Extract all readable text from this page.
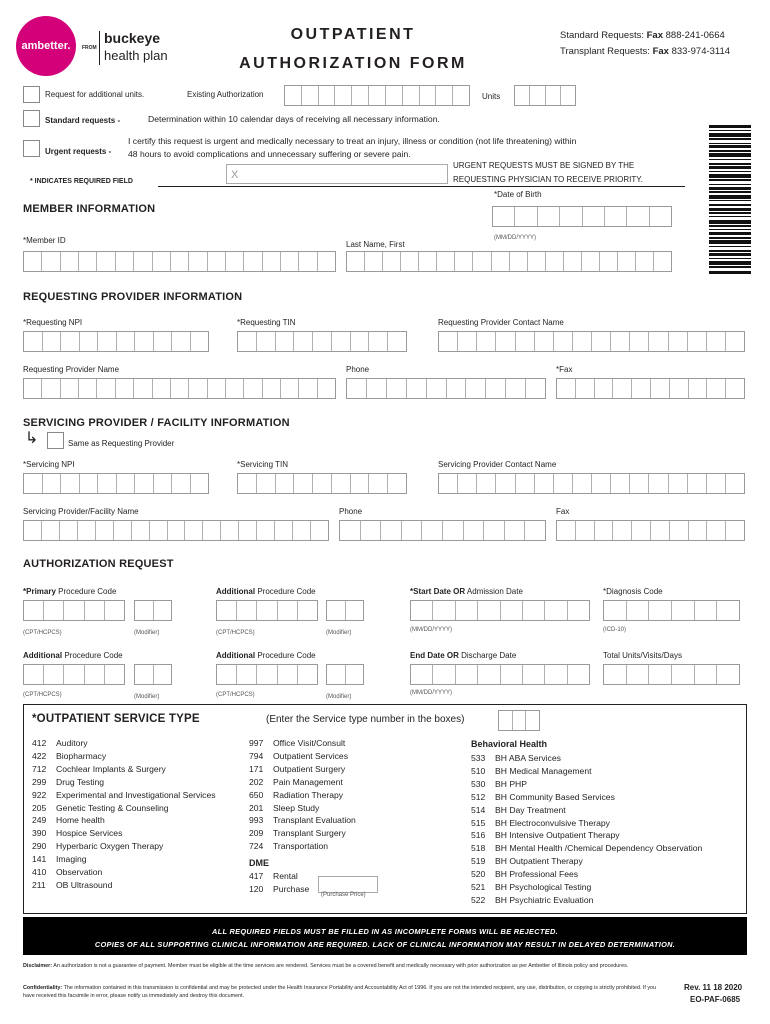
ambetter. FROM
buckeye
health plan
OUTPATIENT
AUTHORIZATION FORM
Standard Requests: Fax 888-241-0664
Transplant Requests: Fax 833-974-3114
Request for additional units.	Existing Authorization	Units
Standard requests -	Determination within 10 calendar days of receiving all necessary information.
Urgent requests -
I certify this request is urgent and medically necessary to treat an injury, illness or condition (not life threatening) within
48 hours to avoid complications and unnecessary suffering or severe pain.
* INDICATES REQUIRED FIELD
X
URGENT REQUESTS MUST BE SIGNED BY THE
REQUESTING PHYSICIAN TO RECEIVE PRIORITY.
MEMBER INFORMATION
*Date of Birth
(MM/DD/YYYY)
*Member ID	Last Name, First
REQUESTING PROVIDER INFORMATION
*Requesting NPI	*Requesting TIN	Requesting Provider Contact Name
Requesting Provider Name	Phone	*Fax
SERVICING PROVIDER / FACILITY INFORMATION
↳	Same as Requesting Provider
*Servicing NPI	*Servicing TIN	Servicing Provider Contact Name
Servicing Provider/Facility Name	Phone	Fax
AUTHORIZATION REQUEST
*Primary Procedure Code	Additional Procedure Code	*Start Date OR Admission Date	*Diagnosis Code
(CPT/HCPCS)	(Modifier)	(CPT/HCPCS)	(Modifier)	(MM/DD/YYYY)	(ICD-10)
Additional Procedure Code	Additional Procedure Code	End Date OR Discharge Date	Total Units/Visits/Days
(CPT/HCPCS)	(Modifier)	(CPT/HCPCS)	(Modifier)
(MM/DD/YYYY)
*OUTPATIENT SERVICE TYPE	(Enter the Service type number in the boxes)
412	Auditory
422	Biopharmacy
712	Cochlear Implants & Surgery
299	Drug Testing
922	Experimental and Investigational Services
205	Genetic Testing & Counseling
249	Home health
390	Hospice Services
290	Hyperbaric Oxygen Therapy
141	Imaging
410	Observation
211	OB Ultrasound
997	Office Visit/Consult
794	Outpatient Services
171	Outpatient Surgery
202	Pain Management
650	Radiation Therapy
201	Sleep Study
993	Transplant Evaluation
209	Transplant Surgery
724	Transportation
DME
417	Rental
120	Purchase
(Purchase Price)
Behavioral Health
533	BH ABA Services
510	BH Medical Management
530	BH PHP
512	BH Community Based Services
514	BH Day Treatment
515	BH Electroconvulsive Therapy
516	BH Intensive Outpatient Therapy
518	BH Mental Health /Chemical Dependency Observation
519	BH Outpatient Therapy
520	BH Professional Fees
521	BH Psychological Testing
522	BH Psychiatric Evaluation
ALL REQUIRED FIELDS MUST BE FILLED IN AS INCOMPLETE FORMS WILL BE REJECTED.
COPIES OF ALL SUPPORTING CLINICAL INFORMATION ARE REQUIRED. LACK OF CLINICAL INFORMATION MAY RESULT IN DELAYED DETERMINATION.
Disclaimer: An authorization is not a guarantee of payment. Member must be eligible at the time services are rendered. Services must be a covered benefit and medically necessary with prior authorization as per Ambetter of Illinois policy and procedures.
Confidentiality: The information contained in this transmission is confidential and may be protected under the Health Insurance Portability and Accountability Act of 1996. If you are not the intended recipient, any use, distribution, or copying is strictly prohibited. If you have received this facsimile in error, please notify us immediately and destroy this document.
Rev. 11 18 2020
EO-PAF-0685
